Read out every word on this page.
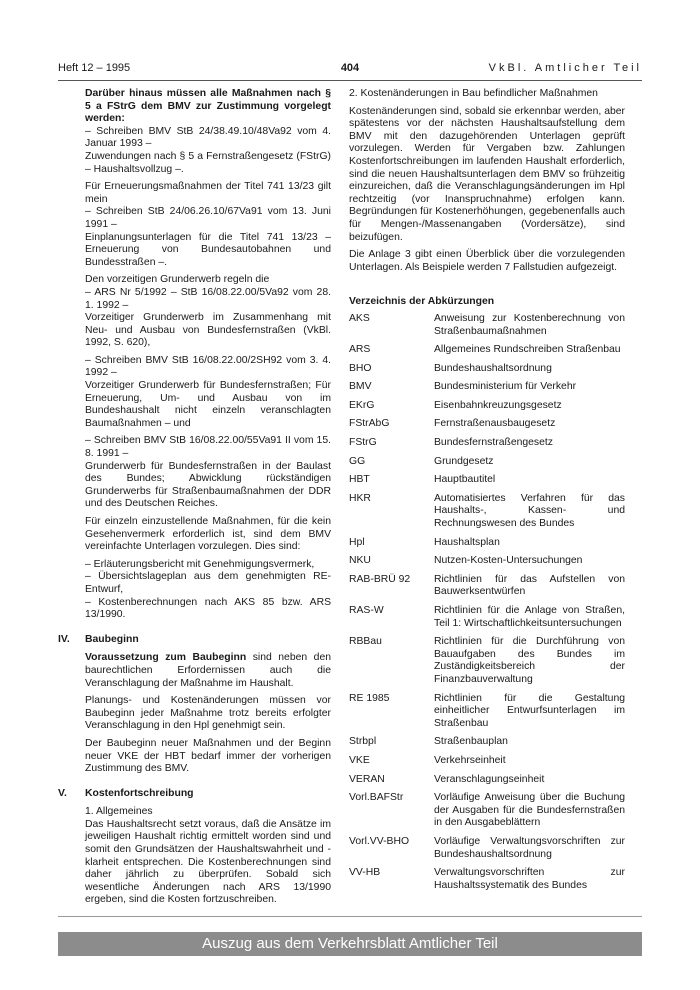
Heft 12 – 1995	404	VkBl. Amtlicher Teil

Darüber hinaus müssen alle Maßnahmen nach § 5 a FStrG dem BMV zur Zustimmung vorgelegt werden:

– Schreiben BMV StB 24/38.49.10/48Va92 vom 4. Januar 1993 –

Zuwendungen nach § 5 a Fernstraßengesetz (FStrG) – Haushaltsvollzug –.

Für Erneuerungsmaßnahmen der Titel 741 13/23 gilt mein

– Schreiben StB 24/06.26.10/67Va91 vom 13. Juni 1991 –

Einplanungsunterlagen für die Titel 741 13/23 – Erneuerung von Bundesautobahnen und Bundesstraßen –.

Den vorzeitigen Grunderwerb regeln die

– ARS Nr 5/1992 – StB 16/08.22.00/5Va92 vom 28. 1. 1992 –

Vorzeitiger Grunderwerb im Zusammenhang mit Neu- und Ausbau von Bundesfernstraßen (VkBl. 1992, S. 620),

– Schreiben BMV StB 16/08.22.00/2SH92 vom 3. 4. 1992 –

Vorzeitiger Grunderwerb für Bundesfernstraßen; Für Erneuerung, Um- und Ausbau von im Bundeshaushalt nicht einzeln veranschlagten Baumaßnahmen – und

– Schreiben BMV StB 16/08.22.00/55Va91 II vom 15. 8. 1991 –

Grunderwerb für Bundesfernstraßen in der Baulast des Bundes; Abwicklung rückständigen Grunderwerbs für Straßenbaumaßnahmen der DDR und des Deutschen Reiches.

Für einzeln einzustellende Maßnahmen, für die kein Gesehenvermerk erforderlich ist, sind dem BMV vereinfachte Unterlagen vorzulegen. Dies sind:

– Erläuterungsbericht mit Genehmigungsvermerk,

– Übersichtslageplan aus dem genehmigten RE-Entwurf,

– Kostenberechnungen nach AKS 85 bzw. ARS 13/1990.

IV. Baubeginn

Voraussetzung zum Baubeginn sind neben den baurechtlichen Erfordernissen auch die Veranschlagung der Maßnahme im Haushalt.

Planungs- und Kostenänderungen müssen vor Baubeginn jeder Maßnahme trotz bereits erfolgter Veranschlagung in den Hpl genehmigt sein.

Der Baubeginn neuer Maßnahmen und der Beginn neuer VKE der HBT bedarf immer der vorherigen Zustimmung des BMV.

V. Kostenfortschreibung

1. Allgemeines

Das Haushaltsrecht setzt voraus, daß die Ansätze im jeweiligen Haushalt richtig ermittelt worden sind und somit den Grundsätzen der Haushaltswahrheit und -klarheit entsprechen. Die Kostenberechnungen sind daher jährlich zu überprüfen. Sobald sich wesentliche Änderungen nach ARS 13/1990 ergeben, sind die Kosten fortzuschreiben.

2. Kostenänderungen in Bau befindlicher Maßnahmen

Kostenänderungen sind, sobald sie erkennbar werden, aber spätestens vor der nächsten Haushaltsaufstellung dem BMV mit den dazugehörenden Unterlagen geprüft vorzulegen. Werden für Vergaben bzw. Zahlungen Kostenfortschreibungen im laufenden Haushalt erforderlich, sind die neuen Haushaltsunterlagen dem BMV so frühzeitig einzureichen, daß die Veranschlagungsänderungen im Hpl rechtzeitig (vor Inanspruchnahme) erfolgen kann. Begründungen für Kostenerhöhungen, gegebenenfalls auch für Mengen-/Massenangaben (Vordersätze), sind beizufügen.

Die Anlage 3 gibt einen Überblick über die vorzulegenden Unterlagen. Als Beispiele werden 7 Fallstudien aufgezeigt.

Verzeichnis der Abkürzungen
AKS	Anweisung zur Kostenberechnung von Straßenbaumaßnahmen
ARS	Allgemeines Rundschreiben Straßenbau
BHO	Bundeshaushaltsordnung
BMV	Bundesministerium für Verkehr
EKrG	Eisenbahnkreuzungsgesetz
FStrAbG	Fernstraßenausbaugesetz
FStrG	Bundesfernstraßengesetz
GG	Grundgesetz
HBT	Hauptbautitel
HKR	Automatisiertes Verfahren für das Haushalts-, Kassen- und Rechnungswesen des Bundes
Hpl	Haushaltsplan
NKU	Nutzen-Kosten-Untersuchungen
RAB-BRÜ 92	Richtlinien für das Aufstellen von Bauwerksentwürfen
RAS-W	Richtlinien für die Anlage von Straßen, Teil 1: Wirtschaftlichkeitsuntersuchungen
RBBau	Richtlinien für die Durchführung von Bauaufgaben des Bundes im Zuständigkeitsbereich der Finanzbauverwaltung
RE 1985	Richtlinien für die Gestaltung einheitlicher Entwurfsunterlagen im Straßenbau
Strbpl	Straßenbauplan
VKE	Verkehrseinheit
VERAN	Veranschlagungseinheit
Vorl.BAFStr	Vorläufige Anweisung über die Buchung der Ausgaben für die Bundesfernstraßen in den Ausgabeblättern
Vorl.VV-BHO	Vorläufige Verwaltungsvorschriften zur Bundeshaushaltsordnung
VV-HB	Verwaltungsvorschriften zur Haushaltssystematik des Bundes
Auszug aus dem Verkehrsblatt Amtlicher Teil
